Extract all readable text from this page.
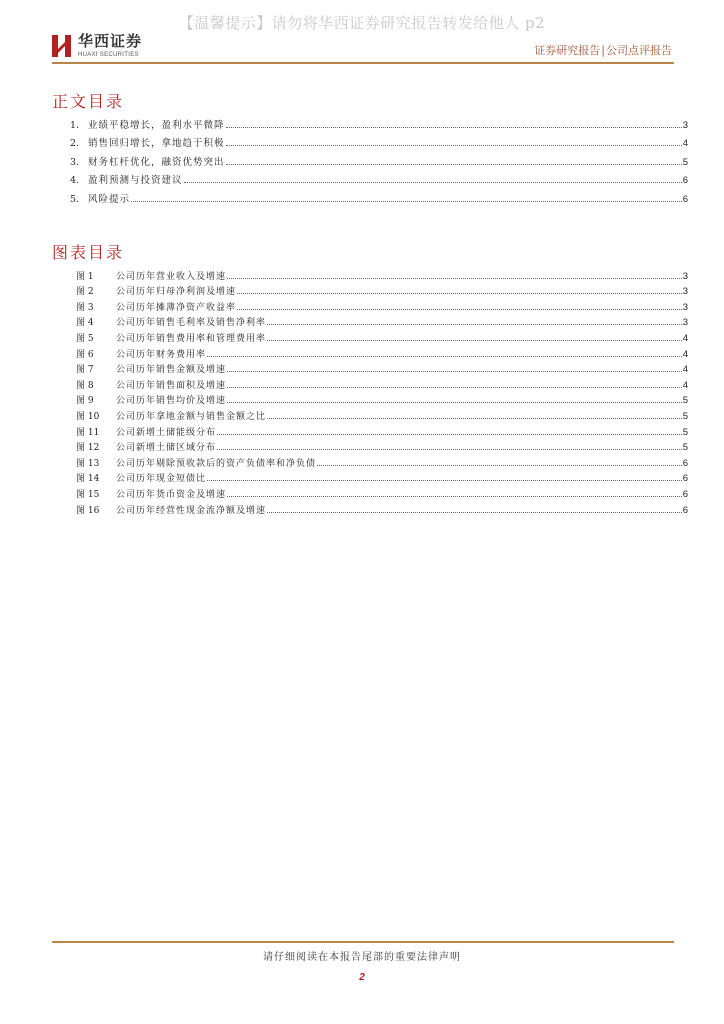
【温馨提示】请勿将华西证券研究报告转发给他人 p2
华西证券
HUAXI SECURITIES	证券研究报告|公司点评报告
正文目录
1. 业绩平稳增长，盈利水平微降	3
2. 销售回归增长，拿地趋于积极	4
3. 财务杠杆优化，融资优势突出	5
4. 盈利预测与投资建议	6
5. 风险提示	6
图表目录
图 1	公司历年营业收入及增速	3
图 2	公司历年归母净利润及增速	3
图 3	公司历年摊薄净资产收益率	3
图 4	公司历年销售毛利率及销售净利率	3
图 5	公司历年销售费用率和管理费用率	4
图 6	公司历年财务费用率	4
图 7	公司历年销售金额及增速	4
图 8	公司历年销售面积及增速	4
图 9	公司历年销售均价及增速	5
图 10	公司历年拿地金额与销售金额之比	5
图 11	公司新增土储能级分布	5
图 12	公司新增土储区域分布	5
图 13	公司历年剔除预收款后的资产负债率和净负债	6
图 14	公司历年现金短债比	6
图 15	公司历年货币资金及增速	6
图 16	公司历年经营性现金流净额及增速	6
请仔细阅读在本报告尾部的重要法律声明
2
